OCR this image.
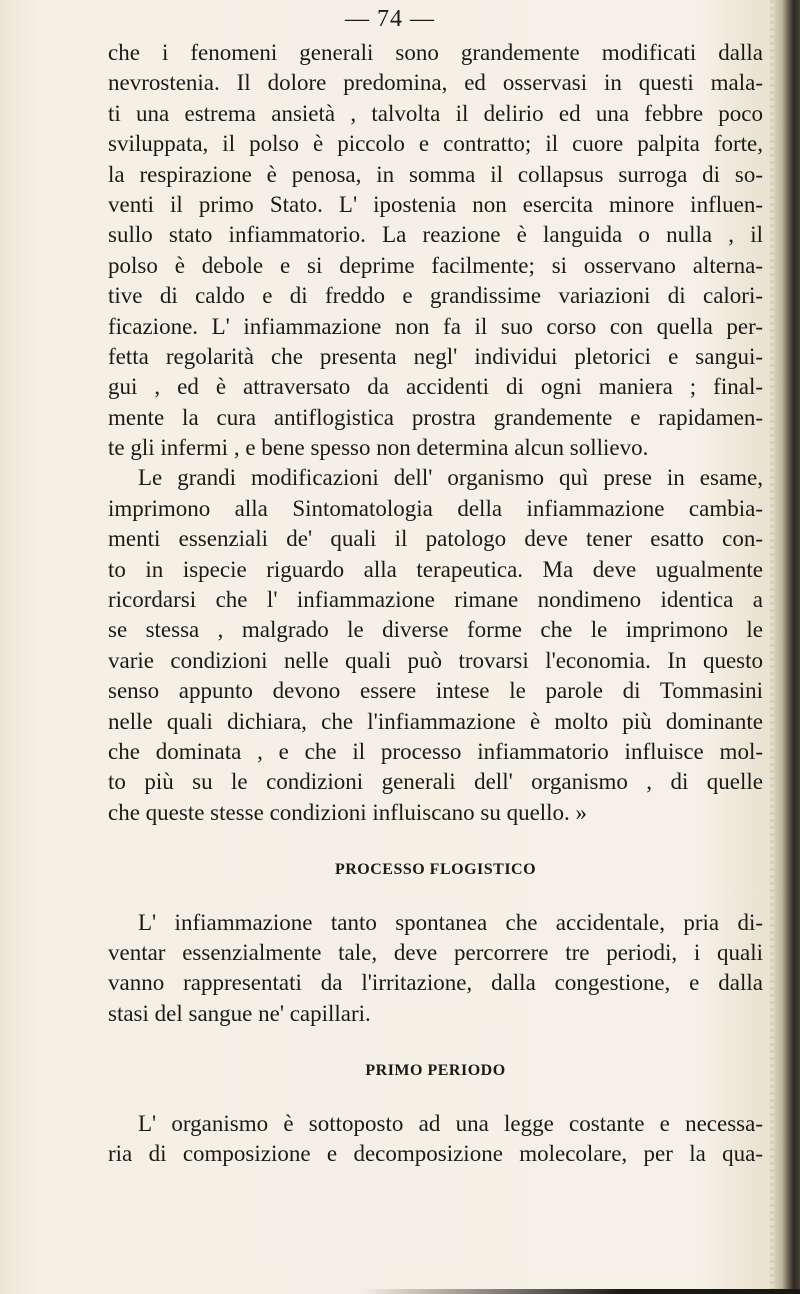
— 74 —
che i fenomeni generali sono grandemente modificati dalla
nevrostenia. Il dolore predomina, ed osservasi in questi mala-
ti una estrema ansietà , talvolta il delirio ed una febbre poco
sviluppata, il polso è piccolo e contratto; il cuore palpita forte,
la respirazione è penosa, in somma il collapsus surroga di so-
venti il primo Stato. L' ipostenia non esercita minore influen-
sullo stato infiammatorio. La reazione è languida o nulla , il
polso è debole e si deprime facilmente; si osservano alterna-
tive di caldo e di freddo e grandissime variazioni di calori-
ficazione. L' infiammazione non fa il suo corso con quella per-
fetta regolarità che presenta negl' individui pletorici e sangui-
gui , ed è attraversato da accidenti di ogni maniera ; final-
mente la cura antiflogistica prostra grandemente e rapidamen-
te gli infermi , e bene spesso non determina alcun sollievo.
Le grandi modificazioni dell' organismo quì prese in esame,
imprimono alla Sintomatologia della infiammazione cambia-
menti essenziali de' quali il patologo deve tener esatto con-
to in ispecie riguardo alla terapeutica. Ma deve ugualmente
ricordarsi che l' infiammazione rimane nondimeno identica a
se stessa , malgrado le diverse forme che le imprimono le
varie condizioni nelle quali può trovarsi l'economia. In questo
senso appunto devono essere intese le parole di Tommasini
nelle quali dichiara, che l'infiammazione è molto più dominante
che dominata , e che il processo infiammatorio influisce mol-
to più su le condizioni generali dell' organismo , di quelle
che queste stesse condizioni influiscano su quello. »
PROCESSO FLOGISTICO
L' infiammazione tanto spontanea che accidentale, pria di-
ventar essenzialmente tale, deve percorrere tre periodi, i quali
vanno rappresentati da l'irritazione, dalla congestione, e dalla
stasi del sangue ne' capillari.
PRIMO PERIODO
L' organismo è sottoposto ad una legge costante e necessa-
ria di composizione e decomposizione molecolare, per la qua-
